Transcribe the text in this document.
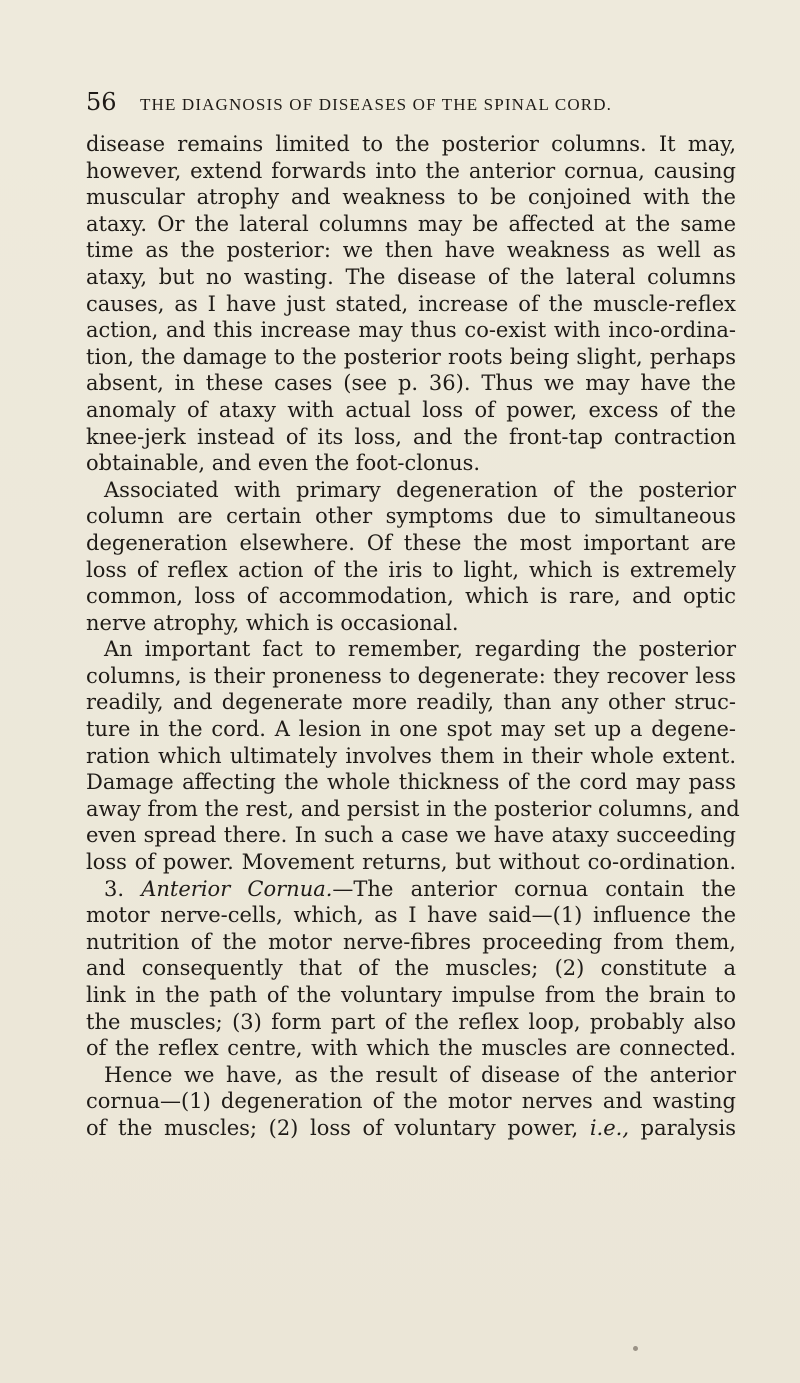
56 THE DIAGNOSIS OF DISEASES OF THE SPINAL CORD.
disease remains limited to the posterior columns. It may,
however, extend forwards into the anterior cornua, causing
muscular atrophy and weakness to be conjoined with the
ataxy. Or the lateral columns may be affected at the same
time as the posterior: we then have weakness as well as
ataxy, but no wasting. The disease of the lateral columns
causes, as I have just stated, increase of the muscle-reflex
action, and this increase may thus co-exist with inco-ordina-
tion, the damage to the posterior roots being slight, perhaps
absent, in these cases (see p. 36). Thus we may have the
anomaly of ataxy with actual loss of power, excess of the
knee-jerk instead of its loss, and the front-tap contraction
obtainable, and even the foot-clonus.
Associated with primary degeneration of the posterior
column are certain other symptoms due to simultaneous
degeneration elsewhere. Of these the most important are
loss of reflex action of the iris to light, which is extremely
common, loss of accommodation, which is rare, and optic
nerve atrophy, which is occasional.
An important fact to remember, regarding the posterior
columns, is their proneness to degenerate: they recover less
readily, and degenerate more readily, than any other struc-
ture in the cord. A lesion in one spot may set up a degene-
ration which ultimately involves them in their whole extent.
Damage affecting the whole thickness of the cord may pass
away from the rest, and persist in the posterior columns, and
even spread there. In such a case we have ataxy succeeding
loss of power. Movement returns, but without co-ordination.
3. Anterior Cornua.—The anterior cornua contain the
motor nerve-cells, which, as I have said—(1) influence the
nutrition of the motor nerve-fibres proceeding from them,
and consequently that of the muscles; (2) constitute a
link in the path of the voluntary impulse from the brain to
the muscles; (3) form part of the reflex loop, probably also
of the reflex centre, with which the muscles are connected.
Hence we have, as the result of disease of the anterior
cornua—(1) degeneration of the motor nerves and wasting
of the muscles; (2) loss of voluntary power, i.e., paralysis
